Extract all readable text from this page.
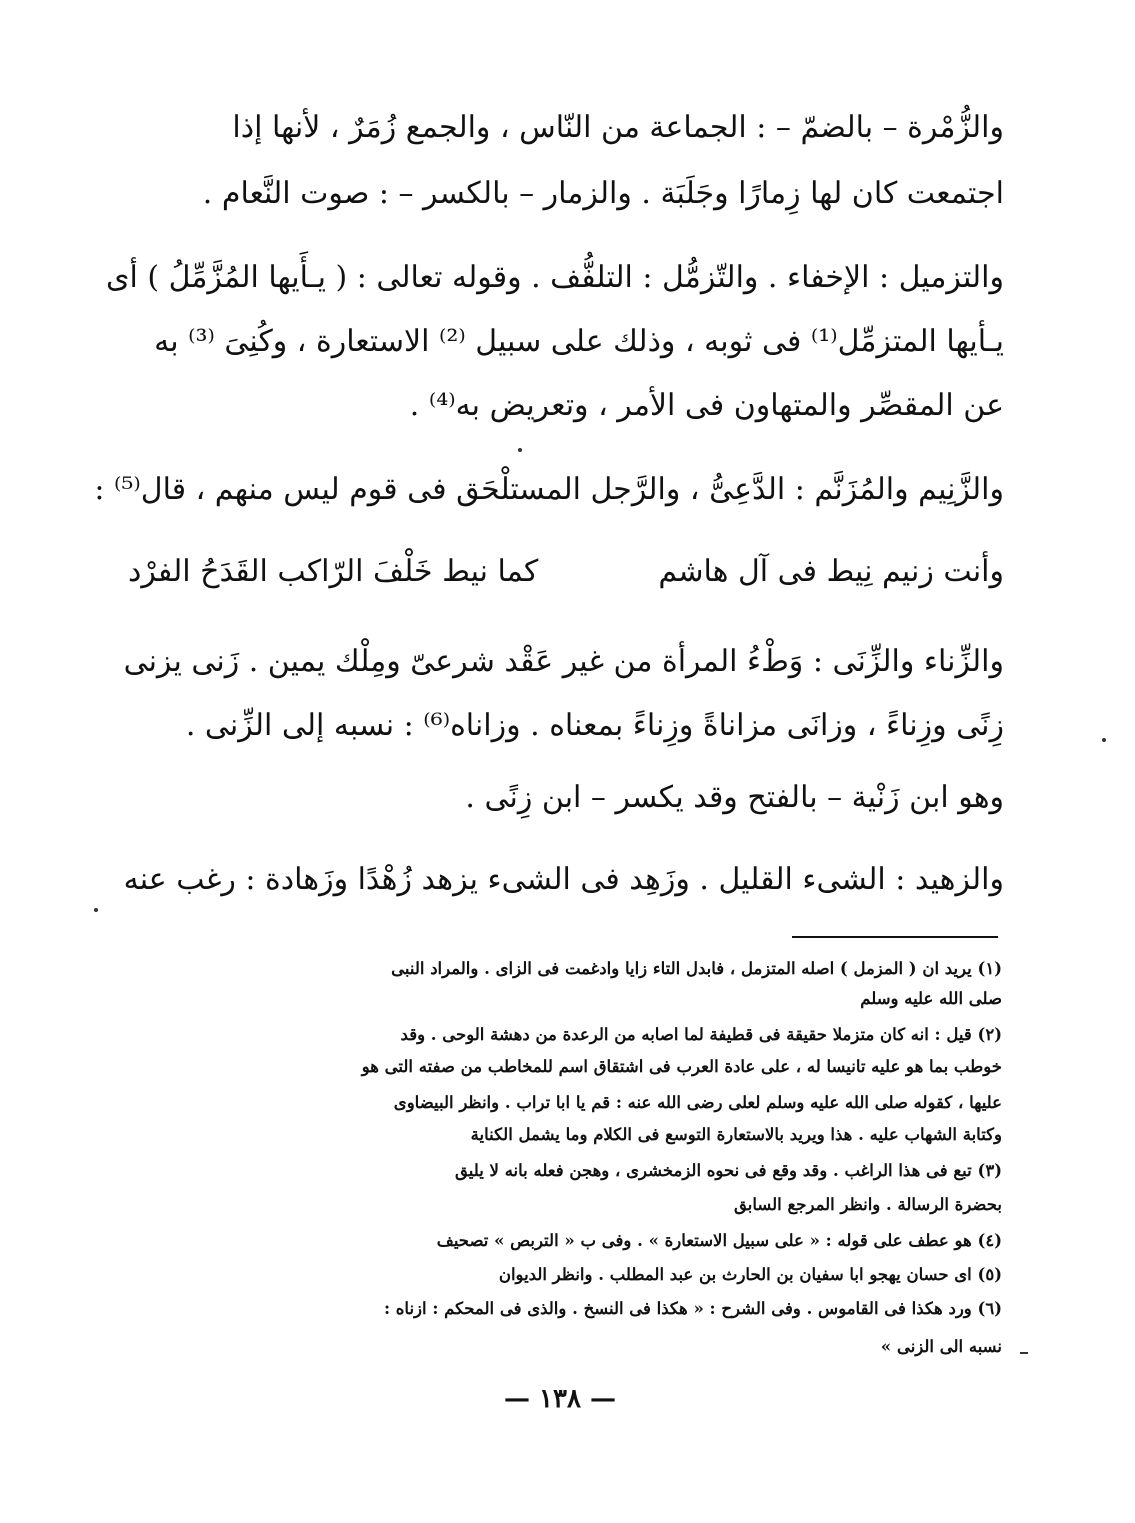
والزُّمْرة – بالضمّ – : الجماعة من النّاس ، والجمع زُمَرٌ ، لأنها إذا
اجتمعت كان لها زِمارًا وجَلَبَة . والزمار – بالكسر – : صوت النَّعام .
والتزميل : الإخفاء . والتّزمُّل : التلفُّف . وقوله تعالى : ( يـأَيها المُزَّمِّلُ ) أى
يـأيها المتزمِّل⁽¹⁾ فى ثوبه ، وذلك على سبيل ⁽²⁾ الاستعارة ، وكُنِىَ ⁽³⁾ به
عن المقصِّر والمتهاون فى الأمر ، وتعريض به⁽⁴⁾ .
والزَّنِيم والمُزَنَّم : الدَّعِىُّ ، والرَّجل المستلْحَق فى قوم ليس منهم ، قال⁽⁵⁾ :
وأنت زنيم نِيط فى آل هاشم
كما نيط خَلْفَ الرّاكب القَدَحُ الفرْد
والزِّناء والزِّنَى : وَطْءُ المرأة من غير عَقْد شرعىّ ومِلْك يمين . زَنى يزنى
زِنًى وزِناءً ، وزانَى مزاناةً وزِناءً بمعناه . وزاناه⁽⁶⁾ : نسبه إلى الزِّنى .
وهو ابن زَنْية – بالفتح وقد يكسر – ابن زِنًى .
والزهيد : الشىء القليل . وزَهِد فى الشىء يزهد زُهْدًا وزَهادة : رغب عنه
(١) يريد ان ( المزمل ) اصله المتزمل ، فابدل التاء زايا وادغمت فى الزاى . والمراد النبى
صلى الله عليه وسلم
(٢) قيل : انه كان متزملا حقيقة فى قطيفة لما اصابه من الرعدة من دهشة الوحى . وقد
خوطب بما هو عليه تانيسا له ، على عادة العرب فى اشتقاق اسم للمخاطب من صفته التى هو
عليها ، كقوله صلى الله عليه وسلم لعلى رضى الله عنه : قم يا ابا تراب . وانظر البيضاوى
وكتابة الشهاب عليه . هذا ويريد بالاستعارة التوسع فى الكلام وما يشمل الكناية
(٣) تبع فى هذا الراغب . وقد وقع فى نحوه الزمخشرى ، وهجن فعله بانه لا يليق
بحضرة الرسالة . وانظر المرجع السابق
(٤) هو عطف على قوله : « على سبيل الاستعارة » . وفى ب « التربص » تصحيف
(٥) اى حسان يهجو ابا سفيان بن الحارث بن عبد المطلب . وانظر الديوان
(٦) ورد هكذا فى القاموس . وفى الشرح : « هكذا فى النسخ . والذى فى المحكم : ازناه :
نسبه الى الزنى »
— ١٣٨ —
